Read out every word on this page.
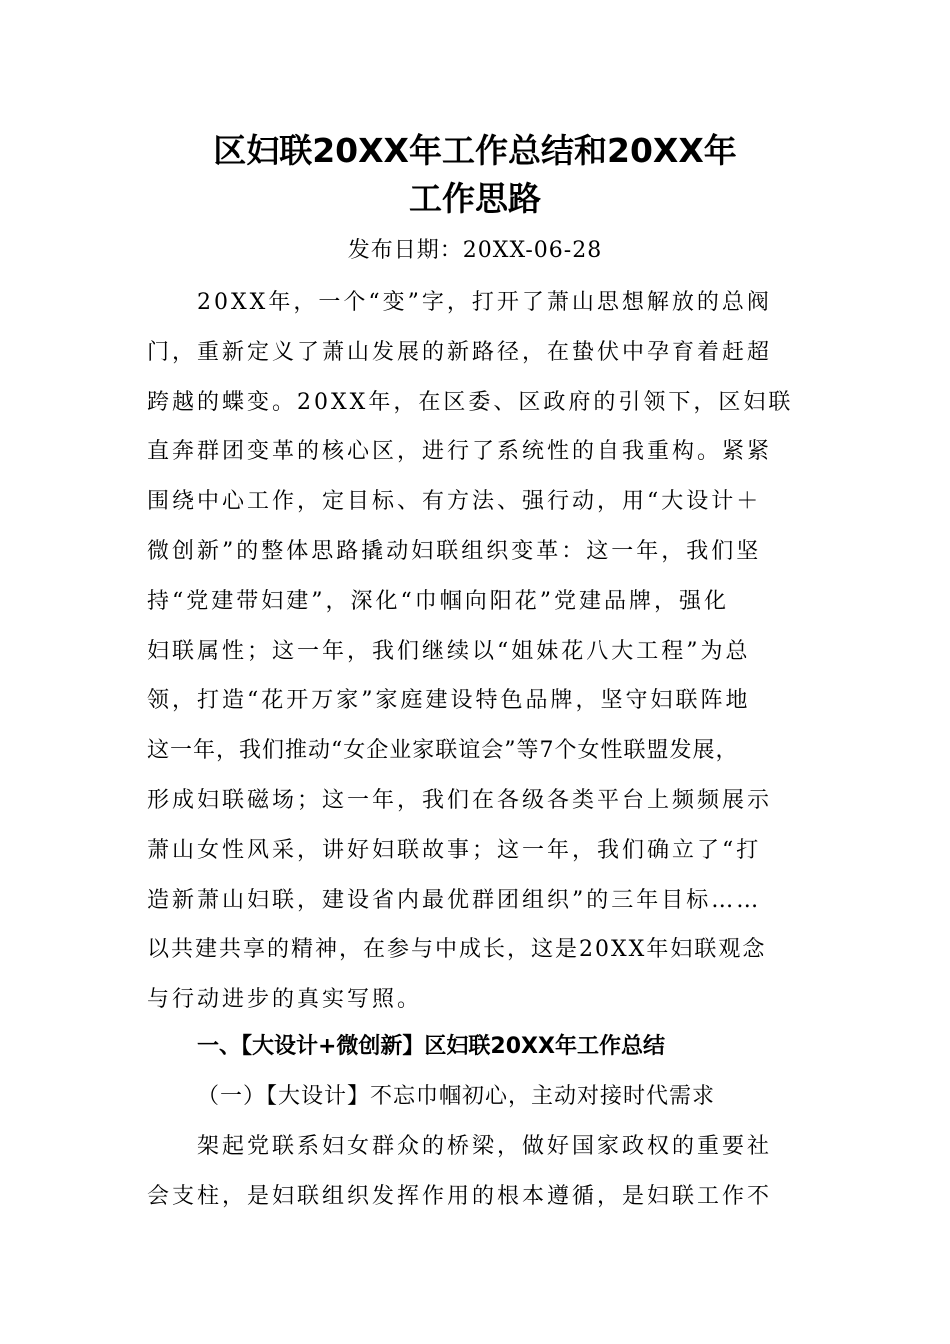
区妇联20XX年工作总结和20XX年
工作思路
发布日期：20XX-06-28
20XX年，一个“变”字，打开了萧山思想解放的总阀
门，重新定义了萧山发展的新路径，在蛰伏中孕育着赶超
跨越的蝶变。20XX年，在区委、区政府的引领下，区妇联
直奔群团变革的核心区，进行了系统性的自我重构。紧紧
围绕中心工作，定目标、有方法、强行动，用“大设计＋
微创新”的整体思路撬动妇联组织变革：这一年，我们坚
持“党建带妇建”，深化“巾帼向阳花”党建品牌，强化
妇联属性；这一年，我们继续以“姐妹花八大工程”为总
领，打造“花开万家”家庭建设特色品牌，坚守妇联阵地
这一年，我们推动“女企业家联谊会”等7个女性联盟发展，
形成妇联磁场；这一年，我们在各级各类平台上频频展示
萧山女性风采，讲好妇联故事；这一年，我们确立了“打
造新萧山妇联，建设省内最优群团组织”的三年目标……
以共建共享的精神，在参与中成长，这是20XX年妇联观念
与行动进步的真实写照。
一、【大设计+微创新】区妇联20XX年工作总结
（一）【大设计】不忘巾帼初心，主动对接时代需求
架起党联系妇女群众的桥梁，做好国家政权的重要社
会支柱，是妇联组织发挥作用的根本遵循，是妇联工作不
